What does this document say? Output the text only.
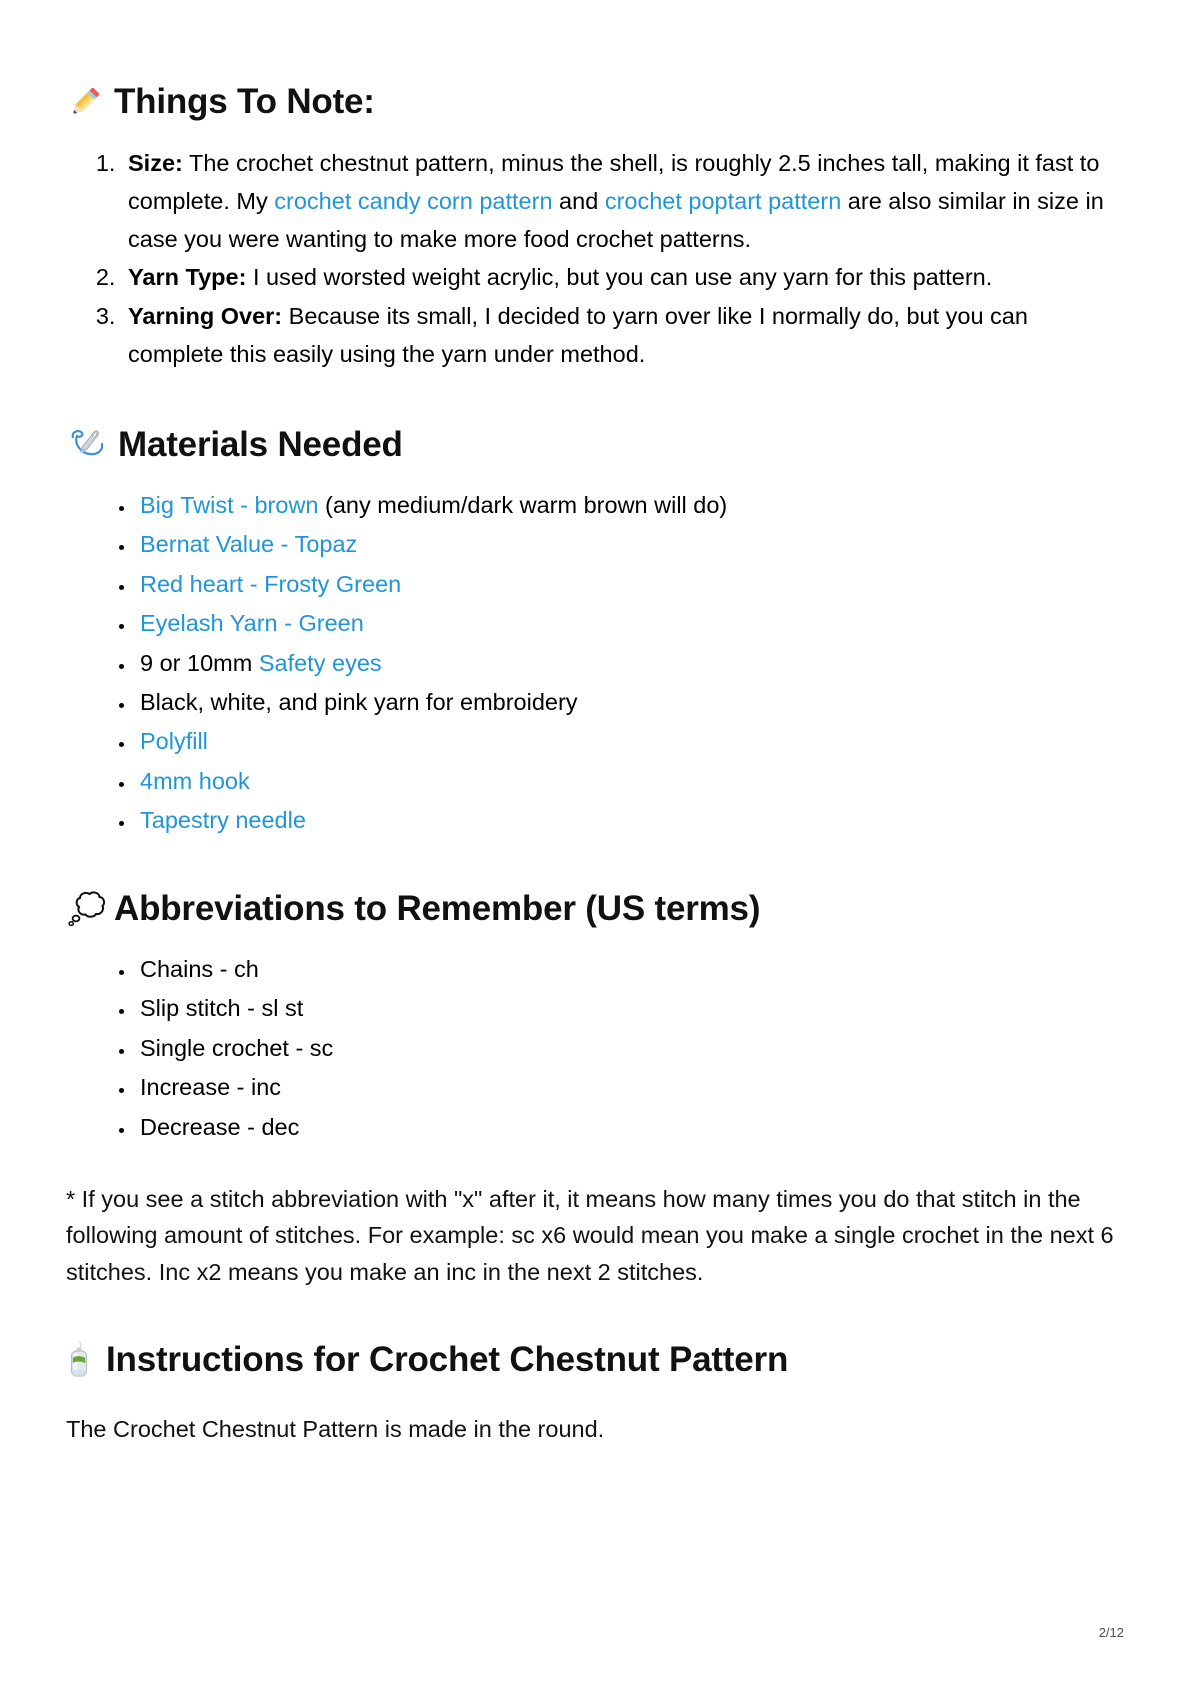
Things To Note:
1. Size: The crochet chestnut pattern, minus the shell, is roughly 2.5 inches tall, making it fast to complete. My crochet candy corn pattern and crochet poptart pattern are also similar in size in case you were wanting to make more food crochet patterns.
2. Yarn Type: I used worsted weight acrylic, but you can use any yarn for this pattern.
3. Yarning Over: Because its small, I decided to yarn over like I normally do, but you can complete this easily using the yarn under method.
Materials Needed
• Big Twist - brown (any medium/dark warm brown will do)
• Bernat Value - Topaz
• Red heart - Frosty Green
• Eyelash Yarn - Green
• 9 or 10mm Safety eyes
• Black, white, and pink yarn for embroidery
• Polyfill
• 4mm hook
• Tapestry needle
Abbreviations to Remember (US terms)
• Chains - ch
• Slip stitch - sl st
• Single crochet - sc
• Increase - inc
• Decrease - dec

* If you see a stitch abbreviation with "x" after it, it means how many times you do that stitch in the following amount of stitches. For example: sc x6 would mean you make a single crochet in the next 6 stitches. Inc x2 means you make an inc in the next 2 stitches.

Instructions for Crochet Chestnut Pattern

The Crochet Chestnut Pattern is made in the round.

2/12
